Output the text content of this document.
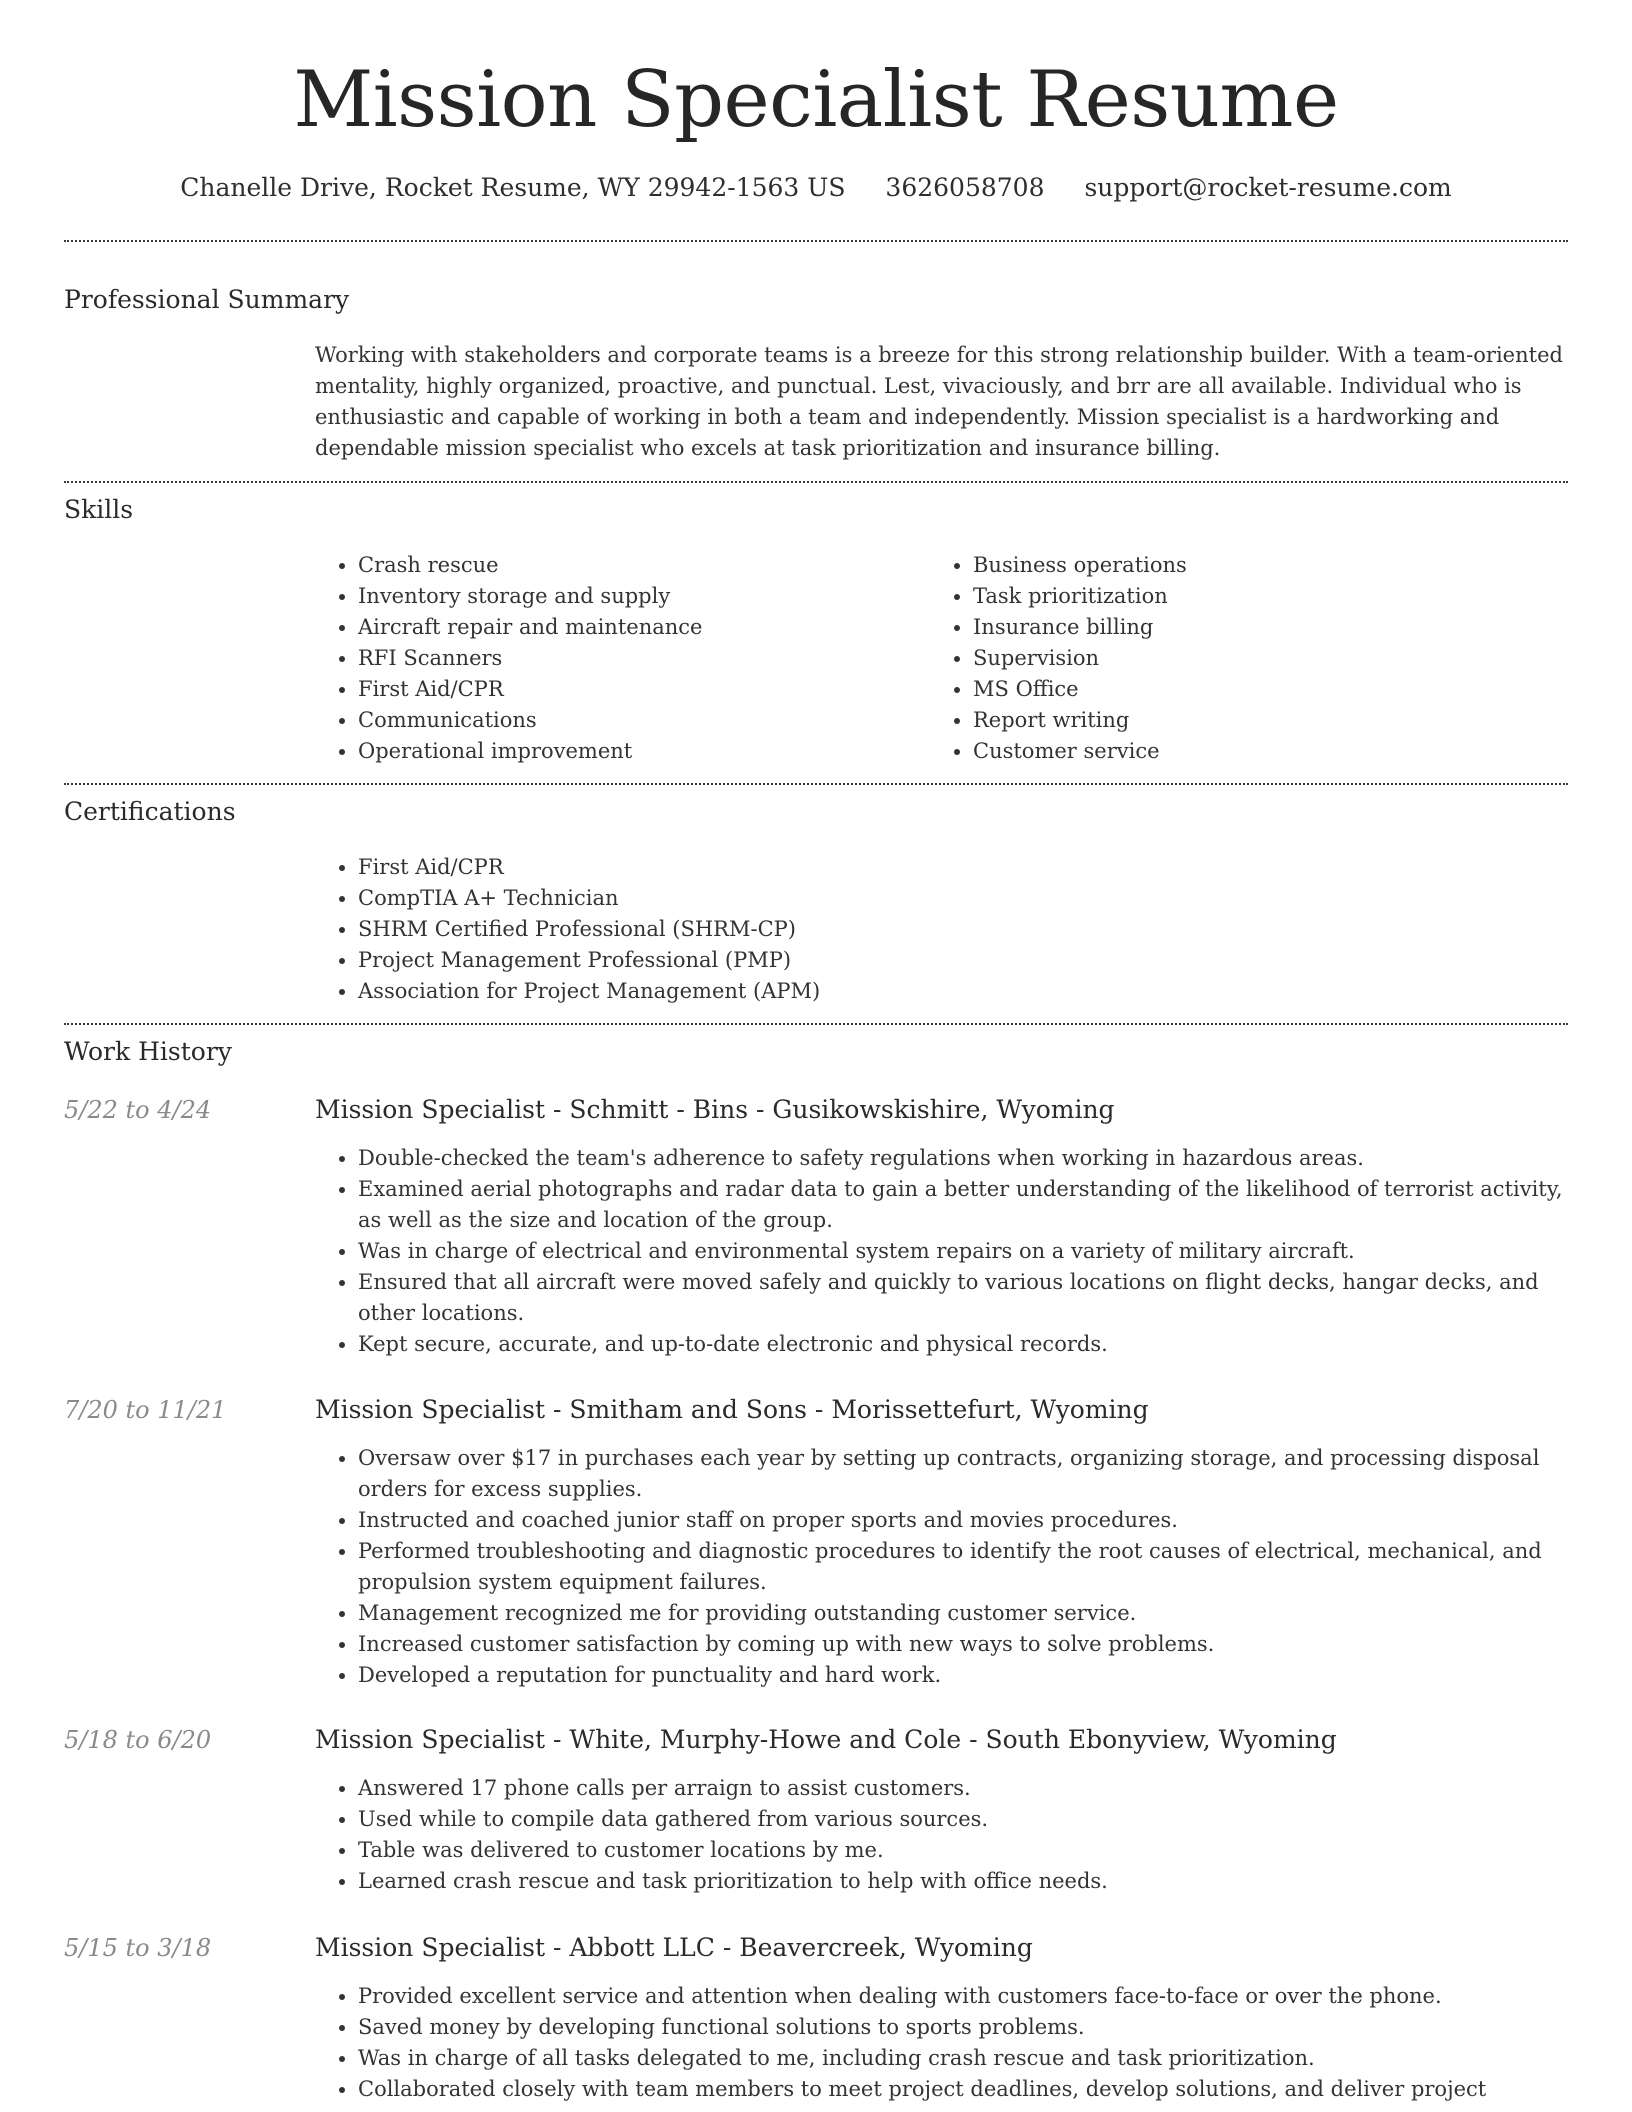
Mission Specialist Resume
Chanelle Drive, Rocket Resume, WY 29942-1563 US 3626058708 support@rocket-resume.com
Professional Summary

Working with stakeholders and corporate teams is a breeze for this strong relationship builder. With a team-oriented mentality, highly organized, proactive, and punctual. Lest, vivaciously, and brr are all available. Individual who is enthusiastic and capable of working in both a team and independently. Mission specialist is a hardworking and dependable mission specialist who excels at task prioritization and insurance billing.

Skills
• Crash rescue
• Inventory storage and supply
• Aircraft repair and maintenance
• RFI Scanners
• First Aid/CPR
• Communications
• Operational improvement
• Business operations
• Task prioritization
• Insurance billing
• Supervision
• MS Office
• Report writing
• Customer service
Certifications
• First Aid/CPR
• CompTIA A+ Technician
• SHRM Certified Professional (SHRM-CP)
• Project Management Professional (PMP)
• Association for Project Management (APM)
Work History
5/22 to 4/24	Mission Specialist - Schmitt - Bins - Gusikowskishire, Wyoming
• Double-checked the team's adherence to safety regulations when working in hazardous areas.
• Examined aerial photographs and radar data to gain a better understanding of the likelihood of terrorist activity, as well as the size and location of the group.
• Was in charge of electrical and environmental system repairs on a variety of military aircraft.
• Ensured that all aircraft were moved safely and quickly to various locations on flight decks, hangar decks, and other locations.
• Kept secure, accurate, and up-to-date electronic and physical records.
7/20 to 11/21	Mission Specialist - Smitham and Sons - Morissettefurt, Wyoming
• Oversaw over $17 in purchases each year by setting up contracts, organizing storage, and processing disposal orders for excess supplies.
• Instructed and coached junior staff on proper sports and movies procedures.
• Performed troubleshooting and diagnostic procedures to identify the root causes of electrical, mechanical, and propulsion system equipment failures.
• Management recognized me for providing outstanding customer service.
• Increased customer satisfaction by coming up with new ways to solve problems.
• Developed a reputation for punctuality and hard work.
5/18 to 6/20	Mission Specialist - White, Murphy-Howe and Cole - South Ebonyview, Wyoming
• Answered 17 phone calls per arraign to assist customers.
• Used while to compile data gathered from various sources.
• Table was delivered to customer locations by me.
• Learned crash rescue and task prioritization to help with office needs.
5/15 to 3/18	Mission Specialist - Abbott LLC - Beavercreek, Wyoming
• Provided excellent service and attention when dealing with customers face-to-face or over the phone.
• Saved money by developing functional solutions to sports problems.
• Was in charge of all tasks delegated to me, including crash rescue and task prioritization.
• Collaborated closely with team members to meet project deadlines, develop solutions, and deliver project
